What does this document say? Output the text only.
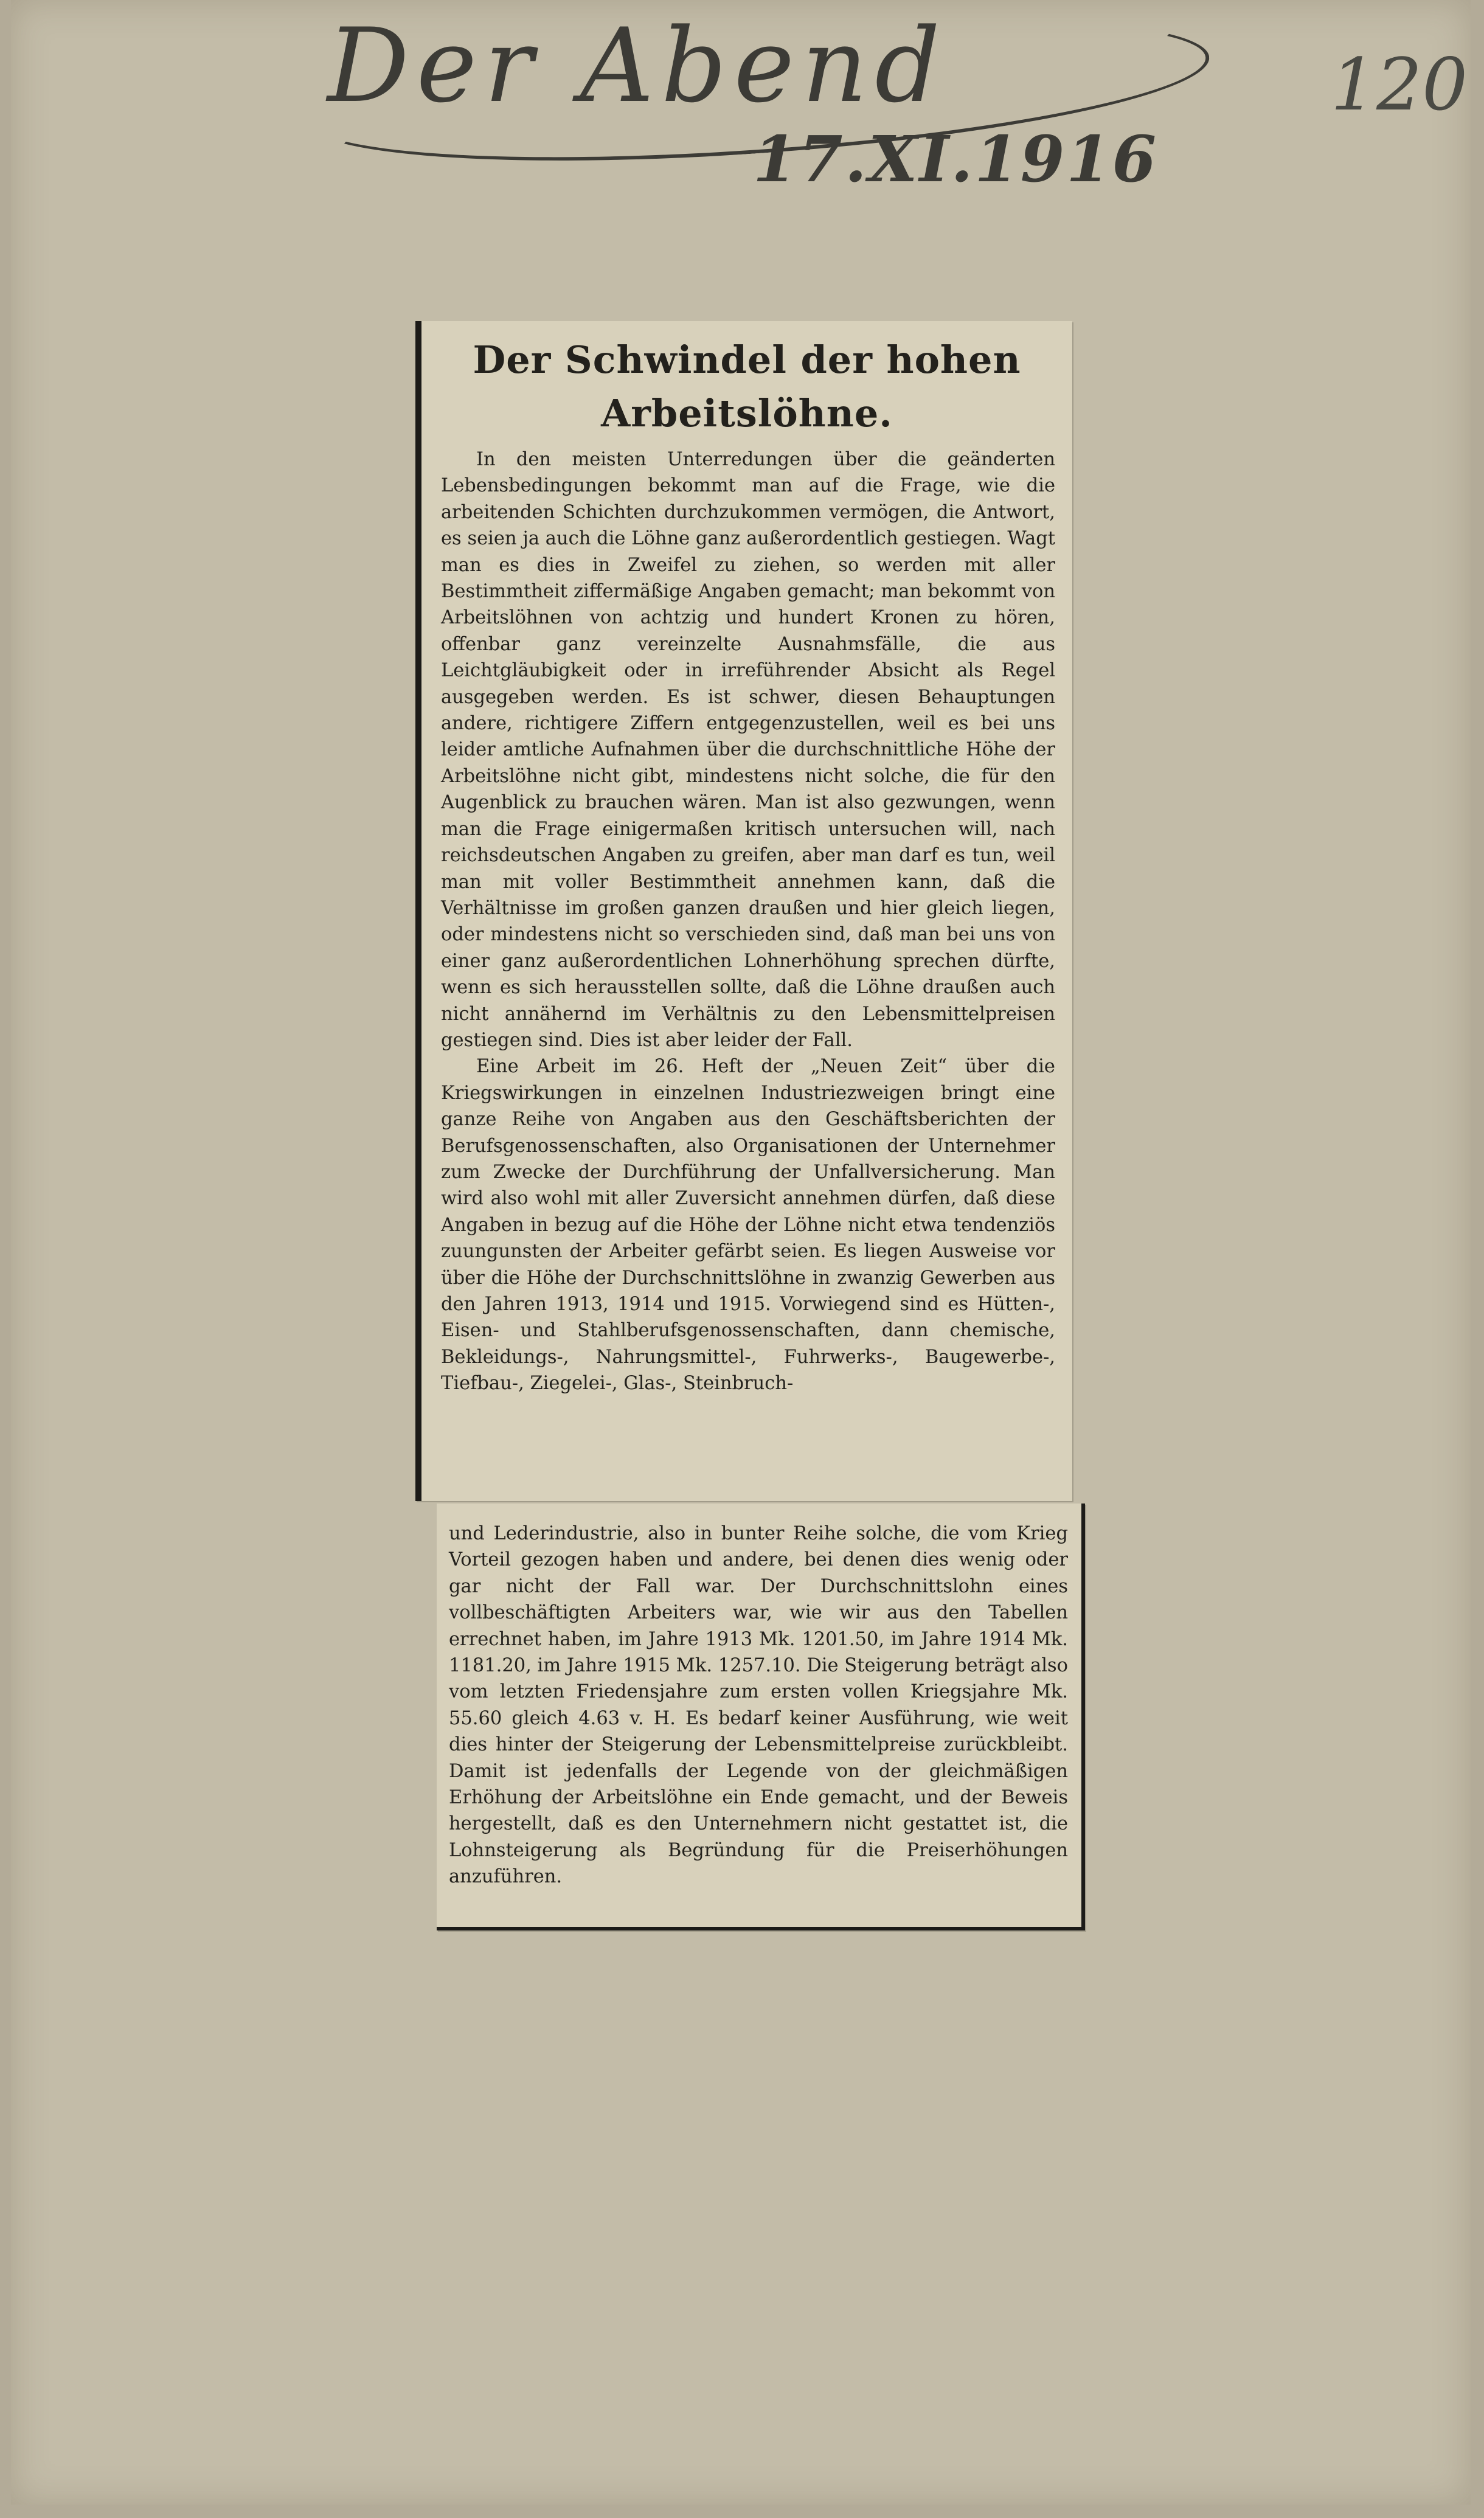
Der Abend
17.XI.1916
120
Der Schwindel der hohen Arbeitslöhne.

In den meisten Unterredungen über die geänderten Lebensbedingungen bekommt man auf die Frage, wie die arbeitenden Schichten durchzukommen vermögen, die Antwort, es seien ja auch die Löhne ganz außerordentlich gestiegen. Wagt man es dies in Zweifel zu ziehen, so werden mit aller Bestimmtheit ziffermäßige Angaben gemacht; man bekommt von Arbeitslöhnen von achtzig und hundert Kronen zu hören, offenbar ganz vereinzelte Ausnahmsfälle, die aus Leichtgläubigkeit oder in irreführender Absicht als Regel ausgegeben werden. Es ist schwer, diesen Behauptungen andere, richtigere Ziffern entgegenzustellen, weil es bei uns leider amtliche Aufnahmen über die durchschnittliche Höhe der Arbeitslöhne nicht gibt, mindestens nicht solche, die für den Augenblick zu brauchen wären. Man ist also gezwungen, wenn man die Frage einigermaßen kritisch untersuchen will, nach reichsdeutschen Angaben zu greifen, aber man darf es tun, weil man mit voller Bestimmtheit annehmen kann, daß die Verhältnisse im großen ganzen draußen und hier gleich liegen, oder mindestens nicht so verschieden sind, daß man bei uns von einer ganz außerordentlichen Lohnerhöhung sprechen dürfte, wenn es sich herausstellen sollte, daß die Löhne draußen auch nicht annähernd im Verhältnis zu den Lebensmittelpreisen gestiegen sind. Dies ist aber leider der Fall.

Eine Arbeit im 26. Heft der „Neuen Zeit“ über die Kriegswirkungen in einzelnen Industriezweigen bringt eine ganze Reihe von Angaben aus den Geschäftsberichten der Berufsgenossenschaften, also Organisationen der Unternehmer zum Zwecke der Durchführung der Unfallversicherung. Man wird also wohl mit aller Zuversicht annehmen dürfen, daß diese Angaben in bezug auf die Höhe der Löhne nicht etwa tendenziös zuungunsten der Arbeiter gefärbt seien. Es liegen Ausweise vor über die Höhe der Durchschnittslöhne in zwanzig Gewerben aus den Jahren 1913, 1914 und 1915. Vorwiegend sind es Hütten-, Eisen- und Stahlberufsgenossenschaften, dann chemische, Bekleidungs-, Nahrungsmittel-, Fuhrwerks-, Baugewerbe-, Tiefbau-, Ziegelei-, Glas-, Steinbruch-

und Lederindustrie, also in bunter Reihe solche, die vom Krieg Vorteil gezogen haben und andere, bei denen dies wenig oder gar nicht der Fall war. Der Durchschnittslohn eines vollbeschäftigten Arbeiters war, wie wir aus den Tabellen errechnet haben, im Jahre 1913 Mk. 1201.50, im Jahre 1914 Mk. 1181.20, im Jahre 1915 Mk. 1257.10. Die Steigerung beträgt also vom letzten Friedensjahre zum ersten vollen Kriegsjahre Mk. 55.60 gleich 4.63 v. H. Es bedarf keiner Ausführung, wie weit dies hinter der Steigerung der Lebensmittelpreise zurückbleibt. Damit ist jedenfalls der Legende von der gleichmäßigen Erhöhung der Arbeitslöhne ein Ende gemacht, und der Beweis hergestellt, daß es den Unternehmern nicht gestattet ist, die Lohnsteigerung als Begründung für die Preiserhöhungen anzuführen.
